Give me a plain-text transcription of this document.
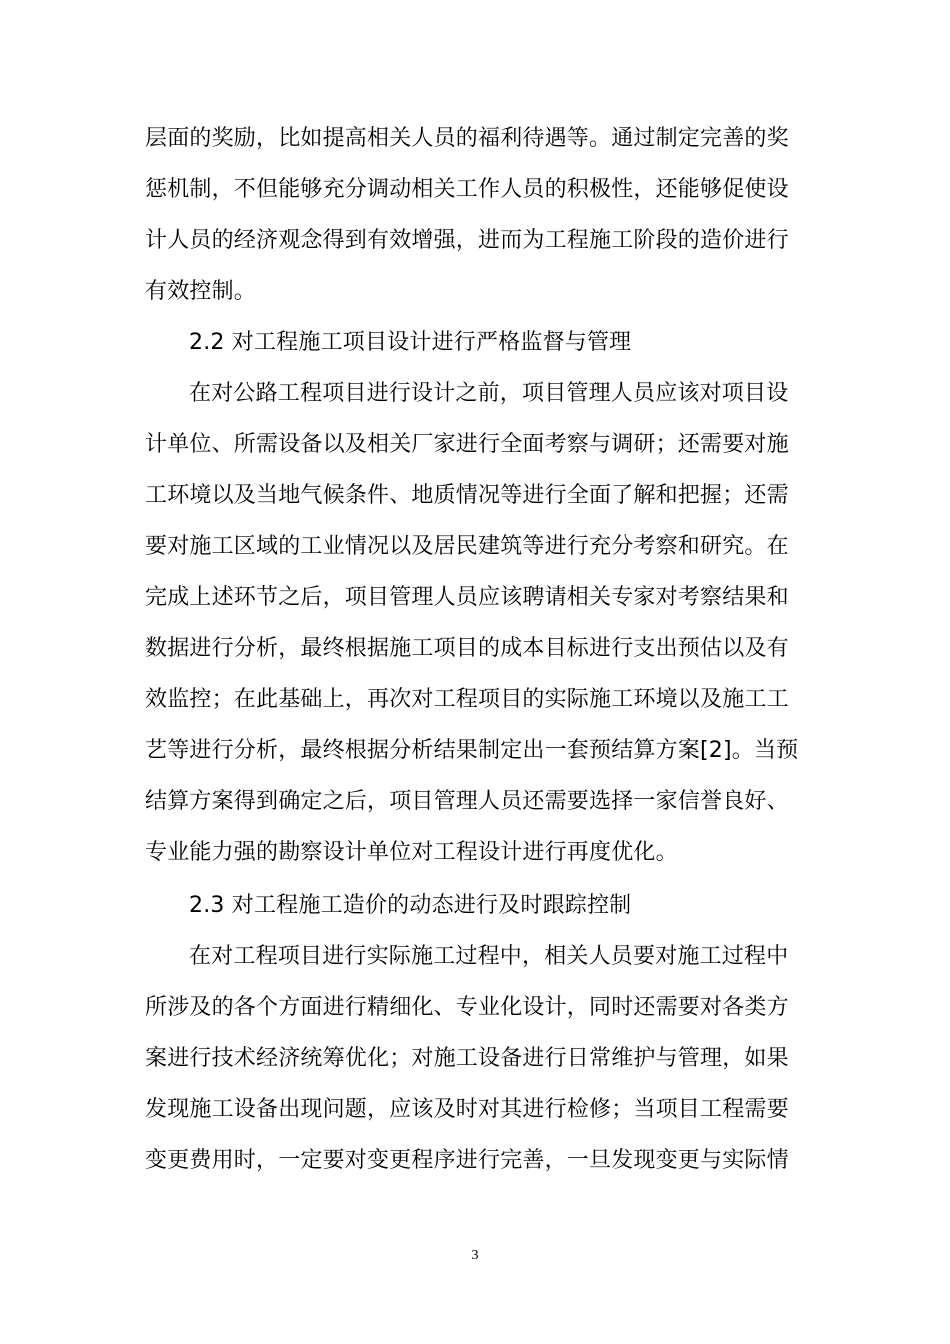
层面的奖励，比如提高相关人员的福利待遇等。通过制定完善的奖
惩机制，不但能够充分调动相关工作人员的积极性，还能够促使设
计人员的经济观念得到有效增强，进而为工程施工阶段的造价进行
有效控制。
2.2 对工程施工项目设计进行严格监督与管理
在对公路工程项目进行设计之前，项目管理人员应该对项目设
计单位、所需设备以及相关厂家进行全面考察与调研；还需要对施
工环境以及当地气候条件、地质情况等进行全面了解和把握；还需
要对施工区域的工业情况以及居民建筑等进行充分考察和研究。在
完成上述环节之后，项目管理人员应该聘请相关专家对考察结果和
数据进行分析，最终根据施工项目的成本目标进行支出预估以及有
效监控；在此基础上，再次对工程项目的实际施工环境以及施工工
艺等进行分析，最终根据分析结果制定出一套预结算方案[2]。当预
结算方案得到确定之后，项目管理人员还需要选择一家信誉良好、
专业能力强的勘察设计单位对工程设计进行再度优化。
2.3 对工程施工造价的动态进行及时跟踪控制
在对工程项目进行实际施工过程中，相关人员要对施工过程中
所涉及的各个方面进行精细化、专业化设计，同时还需要对各类方
案进行技术经济统筹优化；对施工设备进行日常维护与管理，如果
发现施工设备出现问题，应该及时对其进行检修；当项目工程需要
变更费用时，一定要对变更程序进行完善，一旦发现变更与实际情
3
